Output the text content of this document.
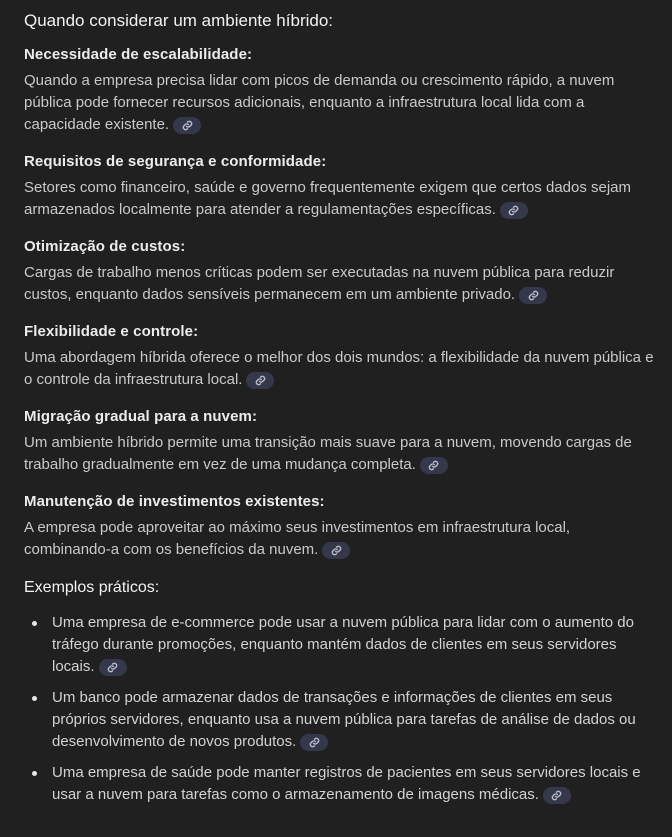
Quando considerar um ambiente híbrido:
Necessidade de escalabilidade:

Quando a empresa precisa lidar com picos de demanda ou crescimento rápido, a nuvem pública pode fornecer recursos adicionais, enquanto a infraestrutura local lida com a capacidade existente.

Requisitos de segurança e conformidade:

Setores como financeiro, saúde e governo frequentemente exigem que certos dados sejam armazenados localmente para atender a regulamentações específicas.

Otimização de custos:

Cargas de trabalho menos críticas podem ser executadas na nuvem pública para reduzir custos, enquanto dados sensíveis permanecem em um ambiente privado.

Flexibilidade e controle:

Uma abordagem híbrida oferece o melhor dos dois mundos: a flexibilidade da nuvem pública e o controle da infraestrutura local.

Migração gradual para a nuvem:

Um ambiente híbrido permite uma transição mais suave para a nuvem, movendo cargas de trabalho gradualmente em vez de uma mudança completa.

Manutenção de investimentos existentes:

A empresa pode aproveitar ao máximo seus investimentos em infraestrutura local, combinando-a com os benefícios da nuvem.

Exemplos práticos:
Uma empresa de e-commerce pode usar a nuvem pública para lidar com o aumento do tráfego durante promoções, enquanto mantém dados de clientes em seus servidores locais.
Um banco pode armazenar dados de transações e informações de clientes em seus próprios servidores, enquanto usa a nuvem pública para tarefas de análise de dados ou desenvolvimento de novos produtos.
Uma empresa de saúde pode manter registros de pacientes em seus servidores locais e usar a nuvem para tarefas como o armazenamento de imagens médicas.
